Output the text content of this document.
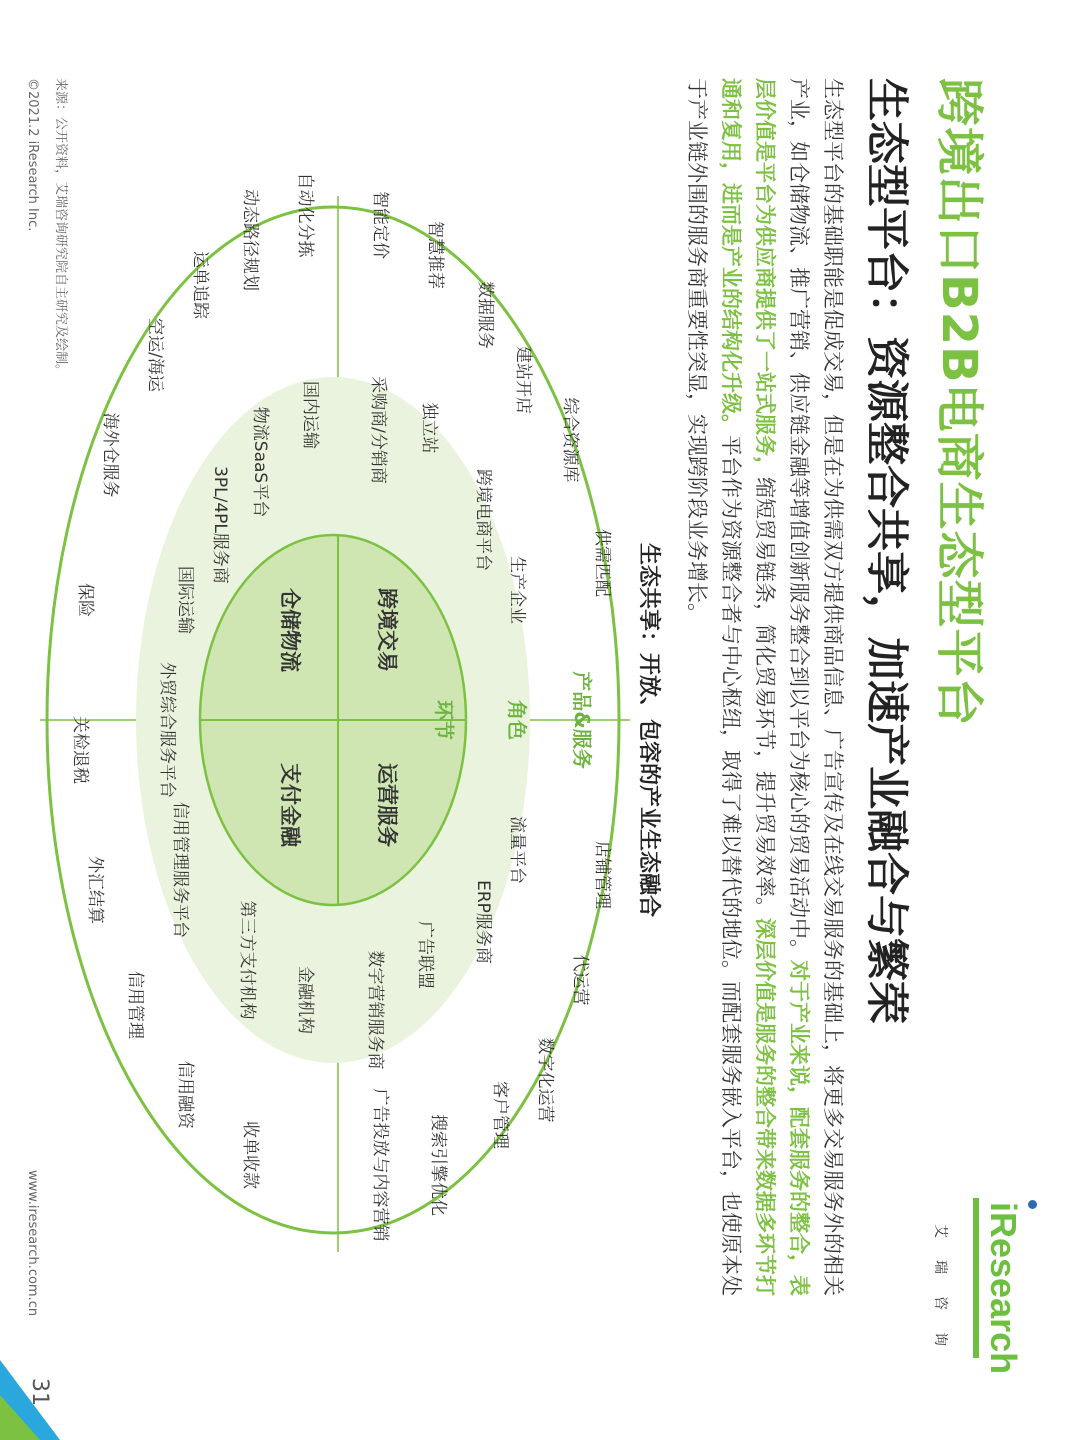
跨境出口B2B电商生态型平台
生态型平台：资源整合共享，加速产业融合与繁荣
生态型平台的基础职能是促成交易，但是在为供需双方提供商品信息、广告宣传及在线交易服务的基础上，将更多交易服务外的相关产业，如仓储物流、推广营销、供应链金融等增值创新服务整合到以平台为核心的贸易活动中。对于产业来说，配套服务的整合，表层价值是平台为供应商提供了一站式服务，缩短贸易链条，简化贸易环节，提升贸易效率。深层价值是服务的整合带来数据多环节打通和复用，进而是产业的结构化升级。平台作为资源整合者与中心枢纽，取得了难以替代的地位。而配套服务嵌入平台，也使原本处于产业链外围的服务商重要性突显，实现跨阶段业务增长。
iResearch
艾瑞咨询
生态共享：开放、包容的产业生态融合
产品&服务
角色
环节
跨境交易
运营服务
仓储物流
支付金融
采购商/分销商 独立站
跨境电商平台
生产企业
流量平台
ERP服务商
广告联盟
数字营销服务商
国内运输
物流SaaS平台
3PL/4PL服务商
国际运输
外贸综合服务平台
信用管理服务平台
第三方支付机构 金融机构
智能定价 智慧推荐
数据服务
建站开店
综合资源库
供需匹配
店铺管理
代运营
数字化运营
客户管理
搜索引擎优化
广告投放与内容营销
自动化分拣
动态路径规划
运单追踪
空运/海运
海外仓服务
保险
关检退税
外汇结算
信用管理
信用融资
收单收款
来源：公开资料，艾瑞咨询研究院自主研究及绘制。
©2021.2 iResearch Inc.
www.iresearch.com.cn
31
